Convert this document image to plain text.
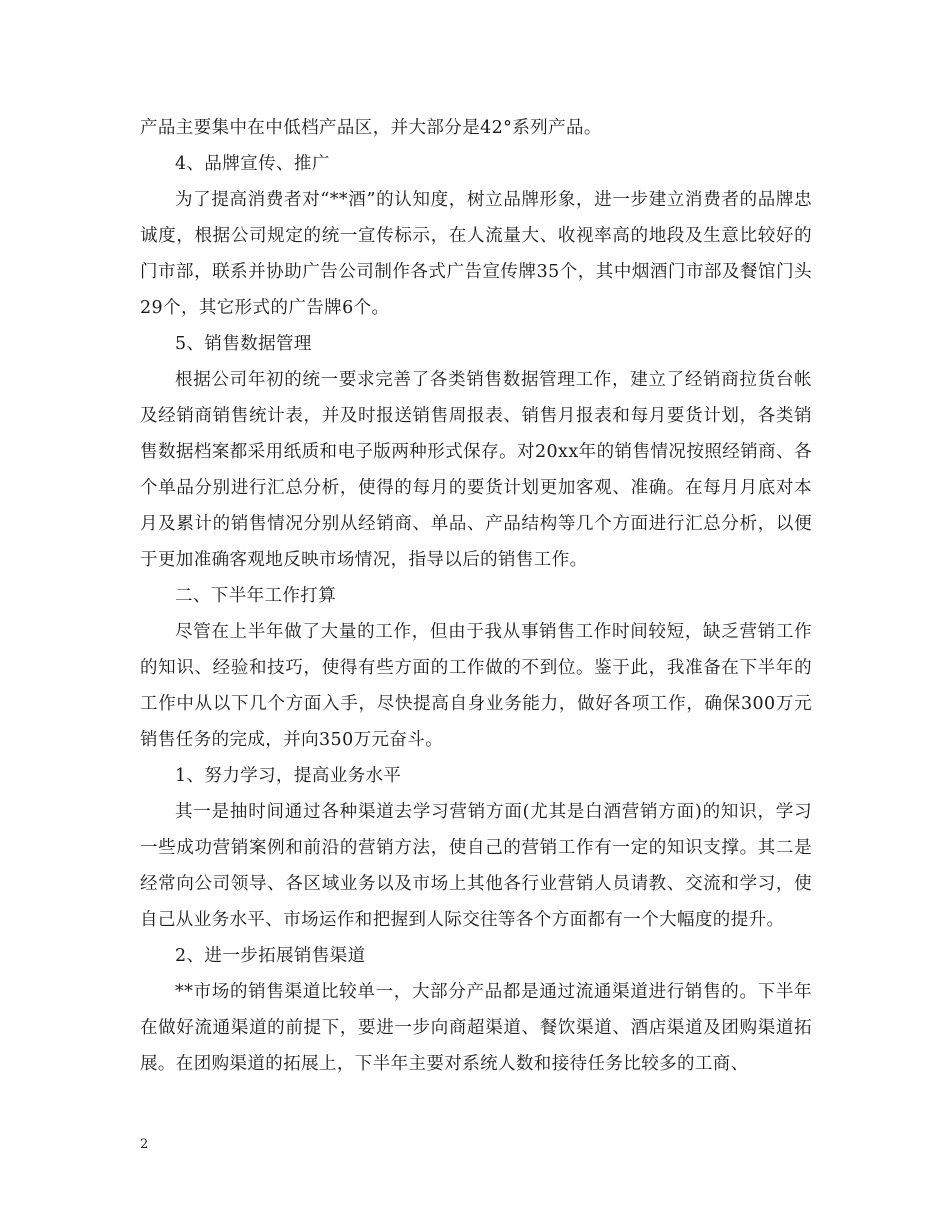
产品主要集中在中低档产品区，并大部分是42°系列产品。

4、品牌宣传、推广

为了提高消费者对“**酒”的认知度，树立品牌形象，进一步建立消费者的品牌忠诚度，根据公司规定的统一宣传标示，在人流量大、收视率高的地段及生意比较好的门市部，联系并协助广告公司制作各式广告宣传牌35个，其中烟酒门市部及餐馆门头29个，其它形式的广告牌6个。

5、销售数据管理

根据公司年初的统一要求完善了各类销售数据管理工作，建立了经销商拉货台帐及经销商销售统计表，并及时报送销售周报表、销售月报表和每月要货计划，各类销售数据档案都采用纸质和电子版两种形式保存。对20xx年的销售情况按照经销商、各个单品分别进行汇总分析，使得的每月的要货计划更加客观、准确。在每月月底对本月及累计的销售情况分别从经销商、单品、产品结构等几个方面进行汇总分析，以便于更加准确客观地反映市场情况，指导以后的销售工作。

二、下半年工作打算

尽管在上半年做了大量的工作，但由于我从事销售工作时间较短，缺乏营销工作的知识、经验和技巧，使得有些方面的工作做的不到位。鉴于此，我准备在下半年的工作中从以下几个方面入手，尽快提高自身业务能力，做好各项工作，确保300万元销售任务的完成，并向350万元奋斗。

1、努力学习，提高业务水平

其一是抽时间通过各种渠道去学习营销方面(尤其是白酒营销方面)的知识，学习一些成功营销案例和前沿的营销方法，使自己的营销工作有一定的知识支撑。其二是经常向公司领导、各区域业务以及市场上其他各行业营销人员请教、交流和学习，使自己从业务水平、市场运作和把握到人际交往等各个方面都有一个大幅度的提升。

2、进一步拓展销售渠道

**市场的销售渠道比较单一，大部分产品都是通过流通渠道进行销售的。下半年在做好流通渠道的前提下，要进一步向商超渠道、餐饮渠道、酒店渠道及团购渠道拓展。在团购渠道的拓展上，下半年主要对系统人数和接待任务比较多的工商、

2
